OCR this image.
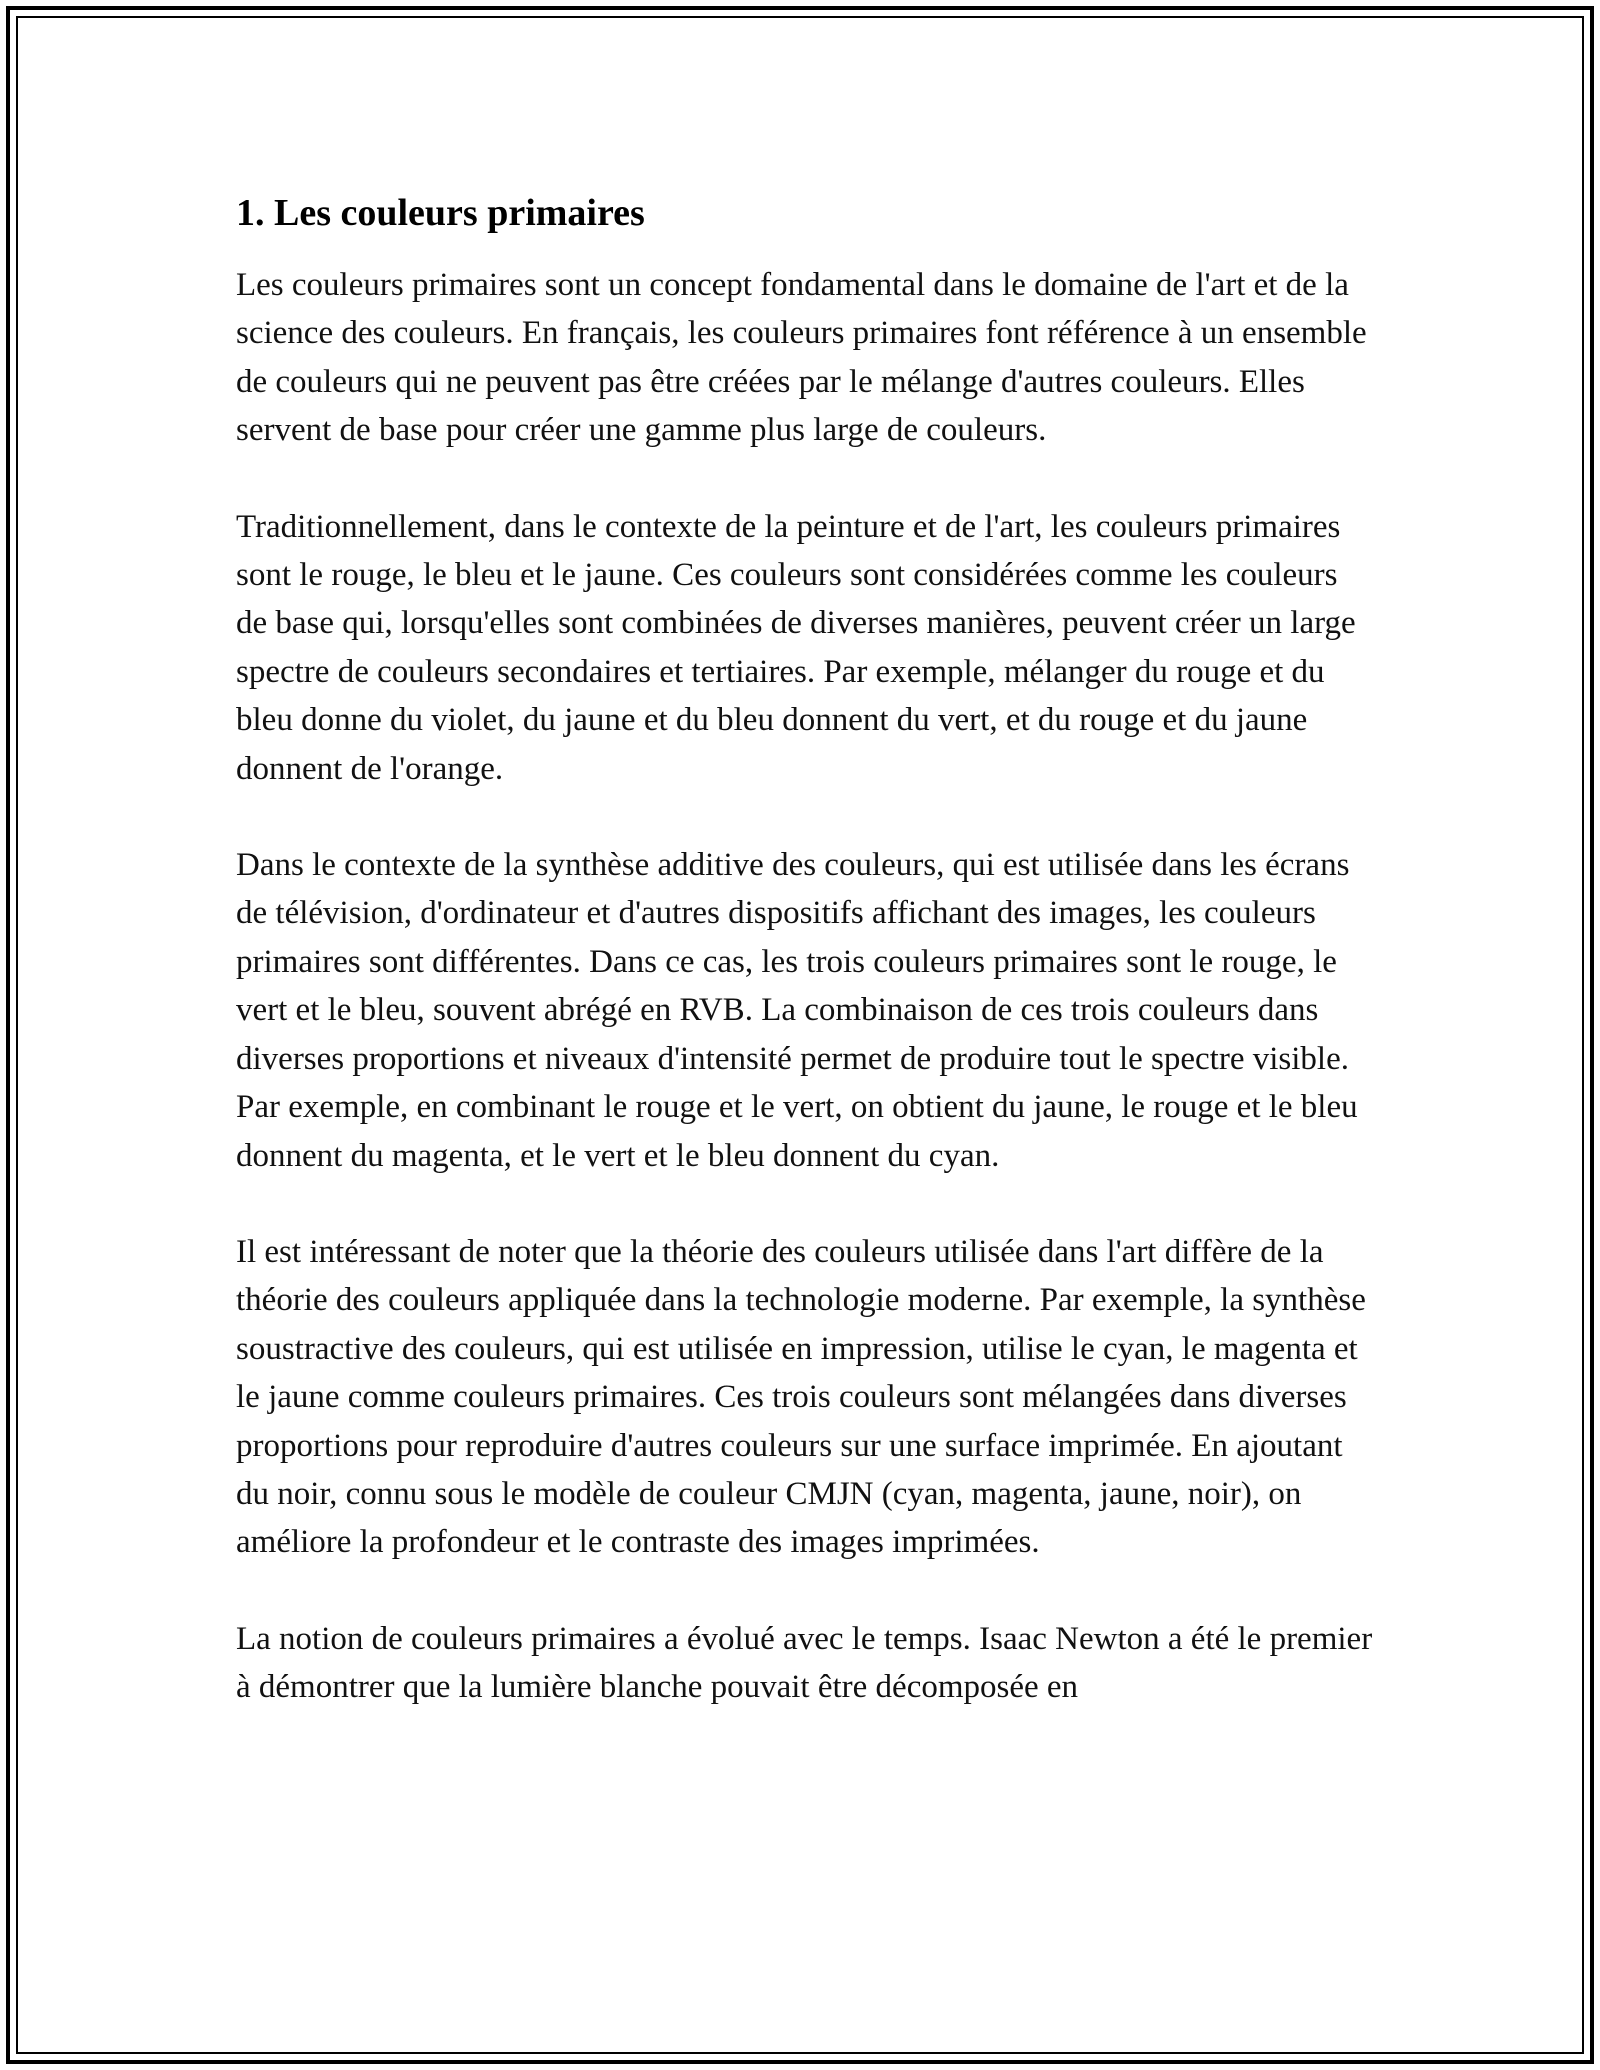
1. Les couleurs primaires

Les couleurs primaires sont un concept fondamental dans le domaine de l'art et de la science des couleurs. En français, les couleurs primaires font référence à un ensemble de couleurs qui ne peuvent pas être créées par le mélange d'autres couleurs. Elles servent de base pour créer une gamme plus large de couleurs.

Traditionnellement, dans le contexte de la peinture et de l'art, les couleurs primaires sont le rouge, le bleu et le jaune. Ces couleurs sont considérées comme les couleurs de base qui, lorsqu'elles sont combinées de diverses manières, peuvent créer un large spectre de couleurs secondaires et tertiaires. Par exemple, mélanger du rouge et du bleu donne du violet, du jaune et du bleu donnent du vert, et du rouge et du jaune donnent de l'orange.

Dans le contexte de la synthèse additive des couleurs, qui est utilisée dans les écrans de télévision, d'ordinateur et d'autres dispositifs affichant des images, les couleurs primaires sont différentes. Dans ce cas, les trois couleurs primaires sont le rouge, le vert et le bleu, souvent abrégé en RVB. La combinaison de ces trois couleurs dans diverses proportions et niveaux d'intensité permet de produire tout le spectre visible. Par exemple, en combinant le rouge et le vert, on obtient du jaune, le rouge et le bleu donnent du magenta, et le vert et le bleu donnent du cyan.

Il est intéressant de noter que la théorie des couleurs utilisée dans l'art diffère de la théorie des couleurs appliquée dans la technologie moderne. Par exemple, la synthèse soustractive des couleurs, qui est utilisée en impression, utilise le cyan, le magenta et le jaune comme couleurs primaires. Ces trois couleurs sont mélangées dans diverses proportions pour reproduire d'autres couleurs sur une surface imprimée. En ajoutant du noir, connu sous le modèle de couleur CMJN (cyan, magenta, jaune, noir), on améliore la profondeur et le contraste des images imprimées.

La notion de couleurs primaires a évolué avec le temps. Isaac Newton a été le premier à démontrer que la lumière blanche pouvait être décomposée en
